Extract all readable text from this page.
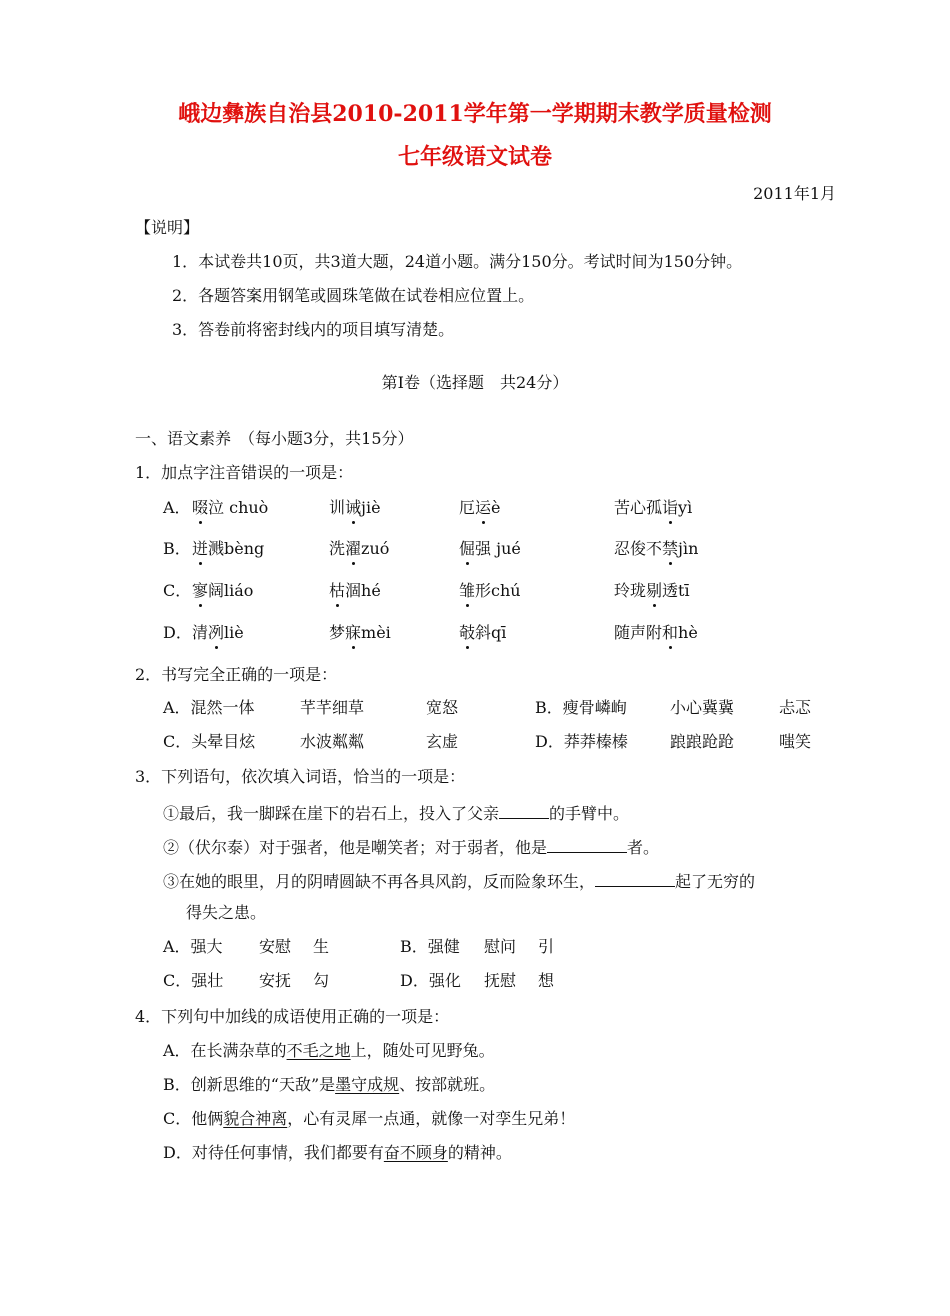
峨边彝族自治县2010-2011学年第一学期期末教学质量检测
七年级语文试卷
2011年1月
【说明】
1．本试卷共10页，共3道大题，24道小题。满分150分。考试时间为150分钟。
2．各题答案用钢笔或圆珠笔做在试卷相应位置上。
3．答卷前将密封线内的项目填写清楚。
第Ⅰ卷（选择题　共24分）
一、语文素养　（每小题3分，共15分）
1．加点字注音错误的一项是：
A． 啜泣 chuò	训诫jiè	厄运è	苦心孤诣yì
B． 迸溅bèng	洗濯zuó	倔强 jué	忍俊不禁jìn
C． 寥阔liáo	枯涸hé	雏形chú	玲珑剔透tī
D． 清冽liè	梦寐mèi	攲斜qī	随声附和hè
2．书写完全正确的一项是：
A．混然一体	芊芊细草	宽怒	B．瘦骨嶙峋	小心冀冀	忐忑
C．头晕目炫	水波粼粼	玄虚	D．莽莽榛榛	踉踉跄跄	嗤笑
3．下列语句，依次填入词语，恰当的一项是：
①最后，我一脚踩在崖下的岩石上，投入了父亲	的手臂中。
②（伏尔泰）对于强者，他是嘲笑者；对于弱者，他是	者。
③在她的眼里，月的阴晴圆缺不再各具风韵，反而险象环生，	起了无穷的
得失之患。
A．强大 安慰 生	B．强健 慰问 引
C．强壮 安抚 勾	D．强化 抚慰 想
4．下列句中加线的成语使用正确的一项是：
A．在长满杂草的不毛之地上，随处可见野兔。
B．创新思维的“天敌”是墨守成规、按部就班。
C．他俩貌合神离，心有灵犀一点通，就像一对孪生兄弟！
D．对待任何事情，我们都要有奋不顾身的精神。
